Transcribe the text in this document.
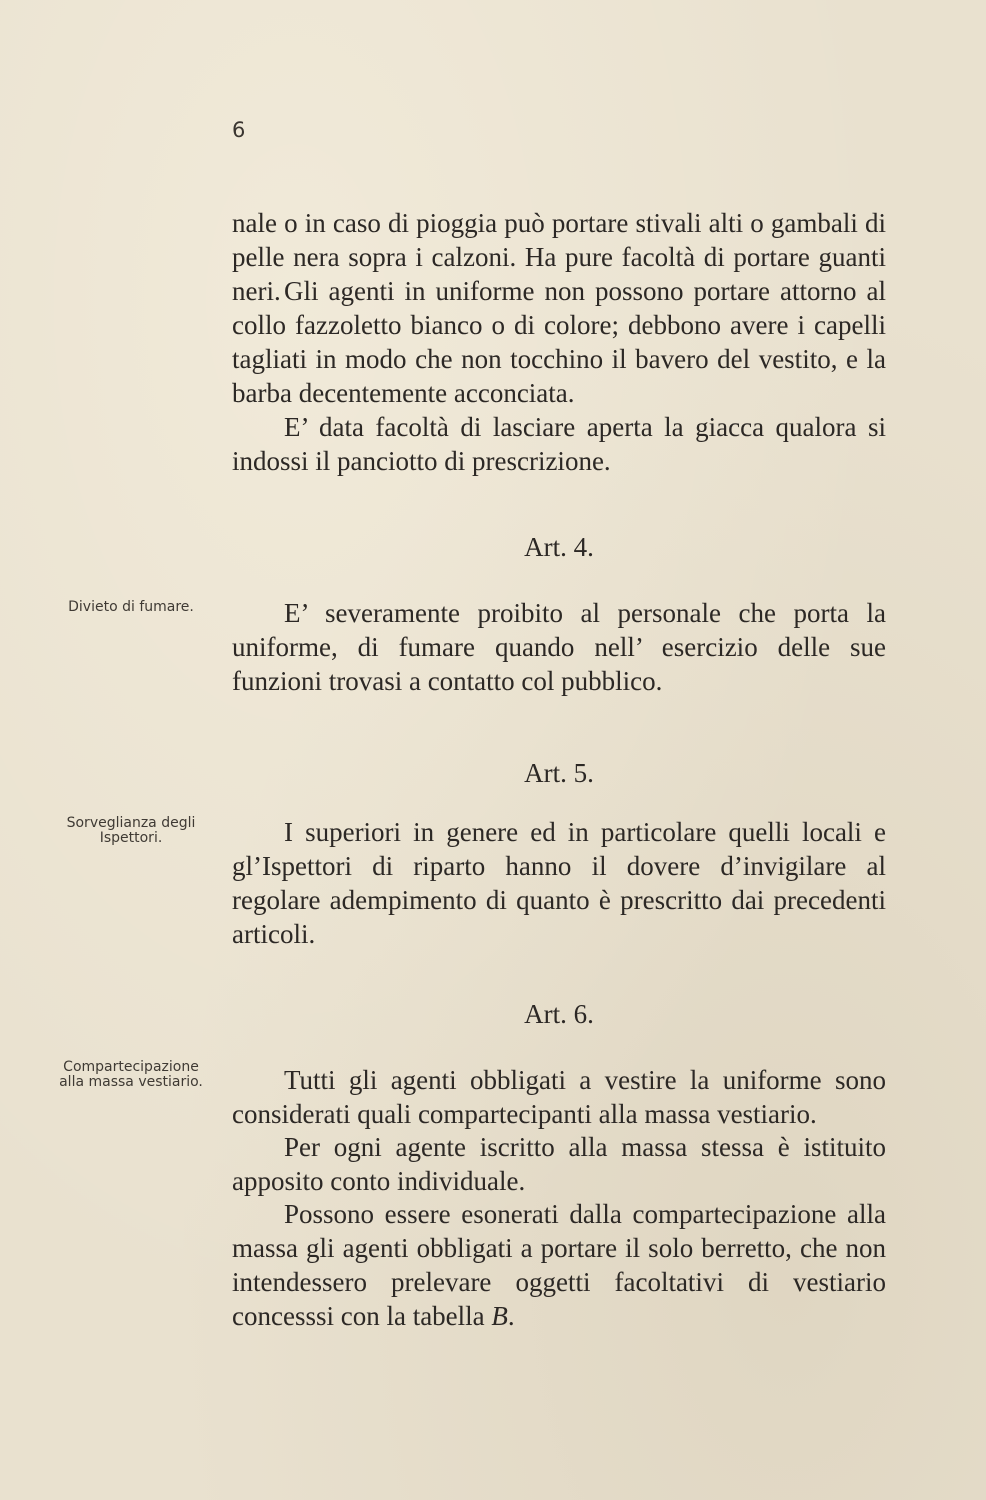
6

nale o in caso di pioggia può portare stivali alti o gambali di pelle nera sopra i calzoni. Ha pure facoltà di portare guanti neri. Gli agenti in uniforme non possono portare attorno al collo fazzoletto bianco o di colore; debbono avere i capelli tagliati in modo che non tocchino il bavero del vestito, e la barba decentemente acconciata.

E’ data facoltà di lasciare aperta la giacca qualora si indossi il panciotto di prescrizione.

Art. 4.
Divieto di fumare.	E’ severamente proibito al personale che porta la uniforme, di fumare quando nell’ esercizio delle sue funzioni trovasi a contatto col pubblico.

Art. 5.
Sorveglianza degli Ispettori.	I superiori in genere ed in particolare quelli locali e gl’Ispettori di riparto hanno il dovere d’invigilare al regolare adempimento di quanto è prescritto dai precedenti articoli.

Art. 6.
Compartecipazione alla massa vestiario.	Tutti gli agenti obbligati a vestire la uniforme sono considerati quali compartecipanti alla massa vestiario.

Per ogni agente iscritto alla massa stessa è istituito apposito conto individuale.

Possono essere esonerati dalla compartecipazione alla massa gli agenti obbligati a portare il solo berretto, che non intendessero prelevare oggetti facoltativi di vestiario concesssi con la tabella B.
